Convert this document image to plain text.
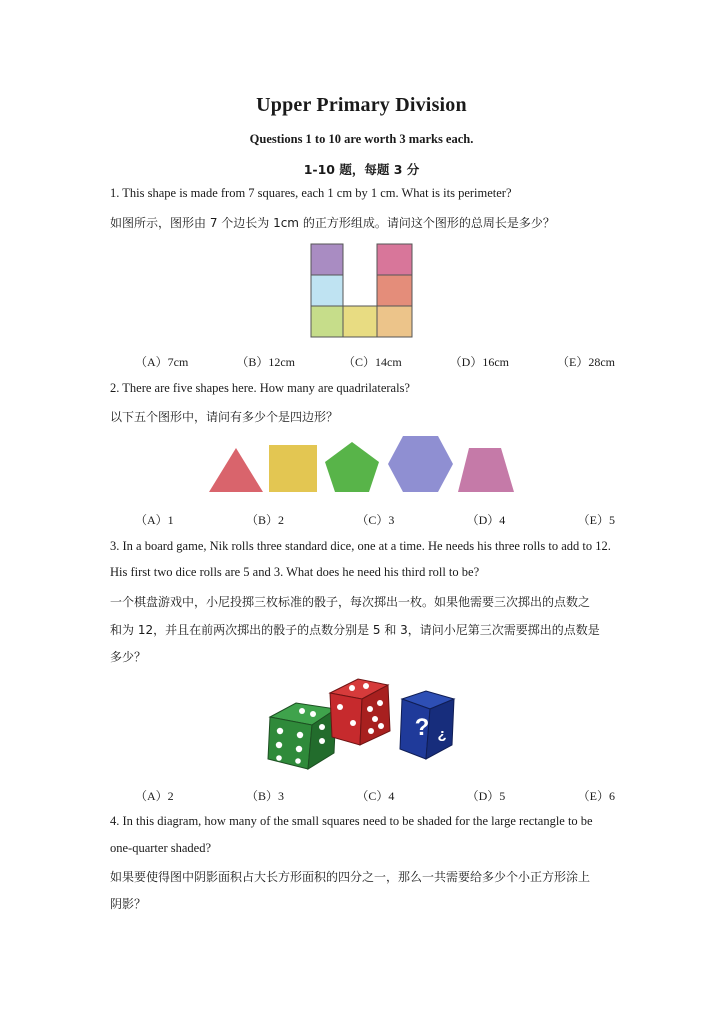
Upper Primary Division
Questions 1 to 10 are worth 3 marks each.
1-10 题，每题 3 分
1. This shape is made from 7 squares, each 1 cm by 1 cm. What is its perimeter?
如图所示，图形由 7 个边长为 1cm 的正方形组成。请问这个图形的总周长是多少？
（A）7cm	（B）12cm	（C）14cm	（D）16cm	（E）28cm
2. There are five shapes here. How many are quadrilaterals?
以下五个图形中，请问有多少个是四边形？
（A）1	（B）2	（C）3	（D）4	（E）5
3. In a board game, Nik rolls three standard dice, one at a time. He needs his three rolls to add to 12.
His first two dice rolls are 5 and 3. What does he need his third roll to be?
一个棋盘游戏中，小尼投掷三枚标准的骰子，每次掷出一枚。如果他需要三次掷出的点数之
和为 12，并且在前两次掷出的骰子的点数分别是 5 和 3，请问小尼第三次需要掷出的点数是
多少？
? ?
（A）2	（B）3	（C）4	（D）5	（E）6
4. In this diagram, how many of the small squares need to be shaded for the large rectangle to be
one-quarter shaded?
如果要使得图中阴影面积占大长方形面积的四分之一，那么一共需要给多少个小正方形涂上
阴影？
